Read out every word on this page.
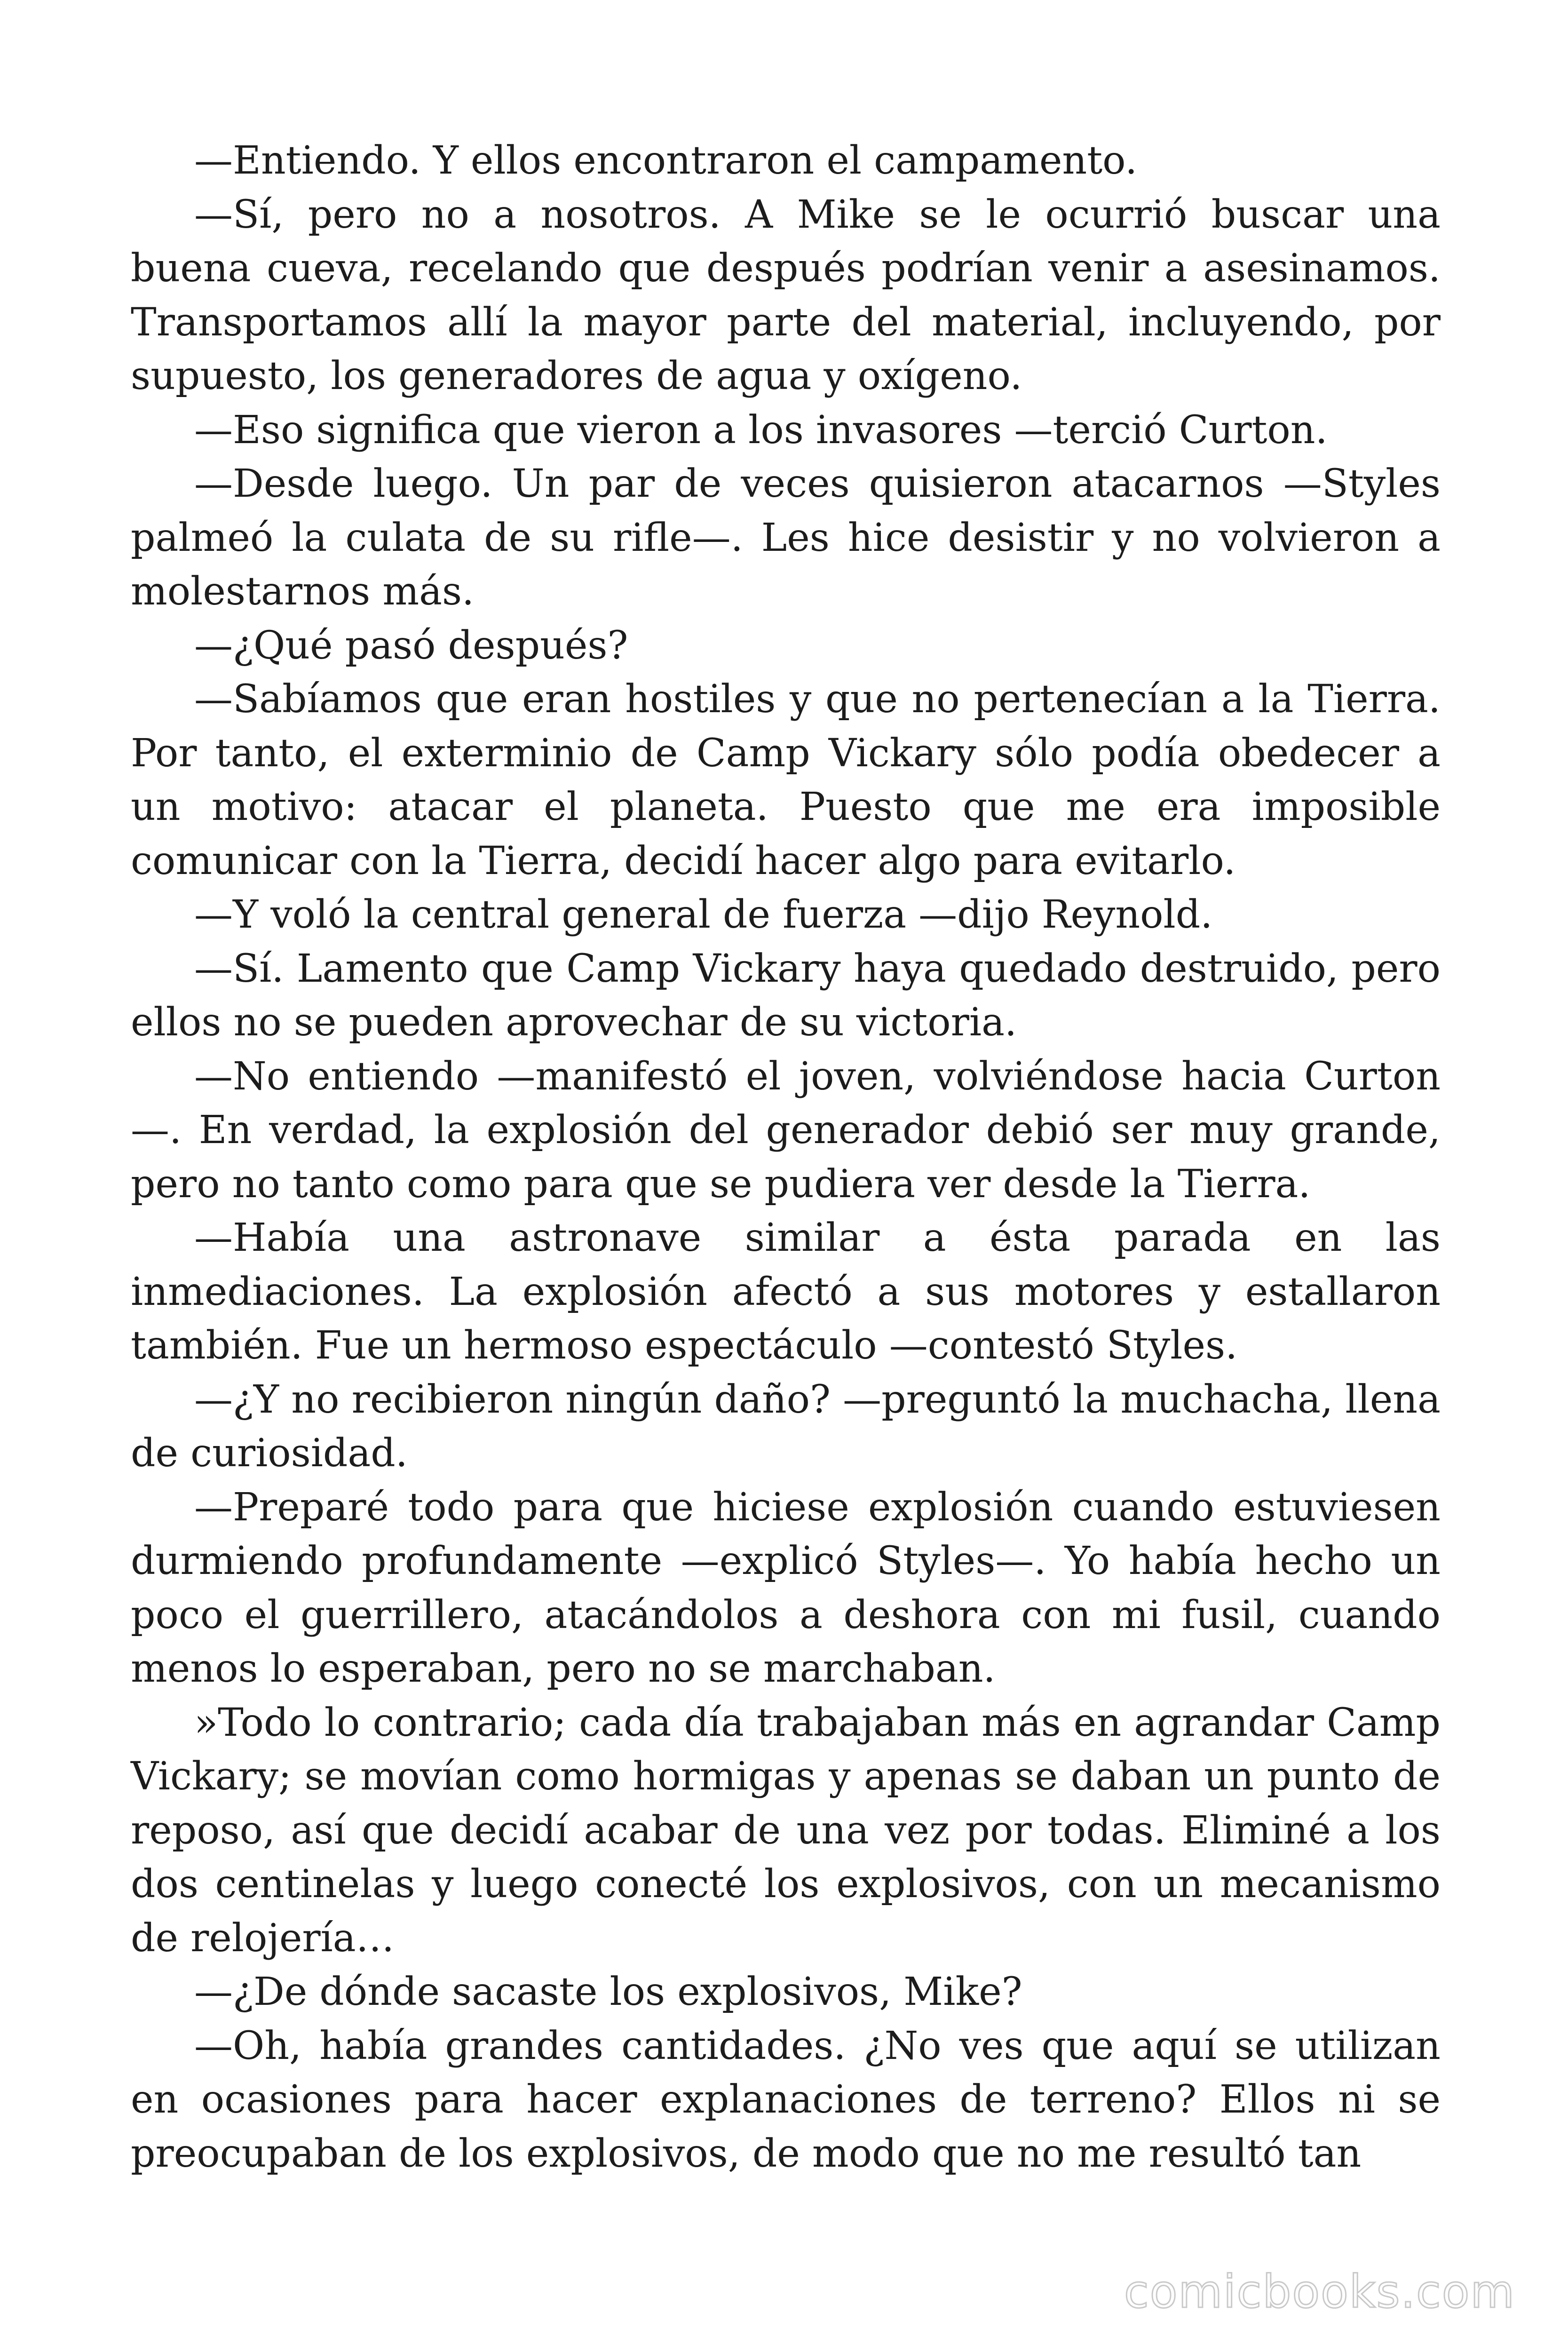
—Entiendo. Y ellos encontraron el campamento.

—Sí, pero no a nosotros. A Mike se le ocurrió buscar una buena cueva, recelando que después podrían venir a asesinamos. Transportamos allí la mayor parte del material, incluyendo, por supuesto, los generadores de agua y oxígeno.

—Eso significa que vieron a los invasores —terció Curton.

—Desde luego. Un par de veces quisieron atacarnos —Styles palmeó la culata de su rifle—. Les hice desistir y no volvieron a molestarnos más.

—¿Qué pasó después?

—Sabíamos que eran hostiles y que no pertenecían a la Tierra. Por tanto, el exterminio de Camp Vickary sólo podía obedecer a un motivo: atacar el planeta. Puesto que me era imposible comunicar con la Tierra, decidí hacer algo para evitarlo.

—Y voló la central general de fuerza —dijo Reynold.

—Sí. Lamento que Camp Vickary haya quedado destruido, pero ellos no se pueden aprovechar de su victoria.

—No entiendo —manifestó el joven, volviéndose hacia Curton —. En verdad, la explosión del generador debió ser muy grande, pero no tanto como para que se pudiera ver desde la Tierra.

—Había una astronave similar a ésta parada en las inmediaciones. La explosión afectó a sus motores y estallaron también. Fue un hermoso espectáculo —contestó Styles.

—¿Y no recibieron ningún daño? —preguntó la muchacha, llena de curiosidad.

—Preparé todo para que hiciese explosión cuando estuviesen durmiendo profundamente —explicó Styles—. Yo había hecho un poco el guerrillero, atacándolos a deshora con mi fusil, cuando menos lo esperaban, pero no se marchaban.

»Todo lo contrario; cada día trabajaban más en agrandar Camp Vickary; se movían como hormigas y apenas se daban un punto de reposo, así que decidí acabar de una vez por todas. Eliminé a los dos centinelas y luego conecté los explosivos, con un mecanismo de relojería…

—¿De dónde sacaste los explosivos, Mike?

—Oh, había grandes cantidades. ¿No ves que aquí se utilizan en ocasiones para hacer explanaciones de terreno? Ellos ni se preocupaban de los explosivos, de modo que no me resultó tan

comicbooks.com
